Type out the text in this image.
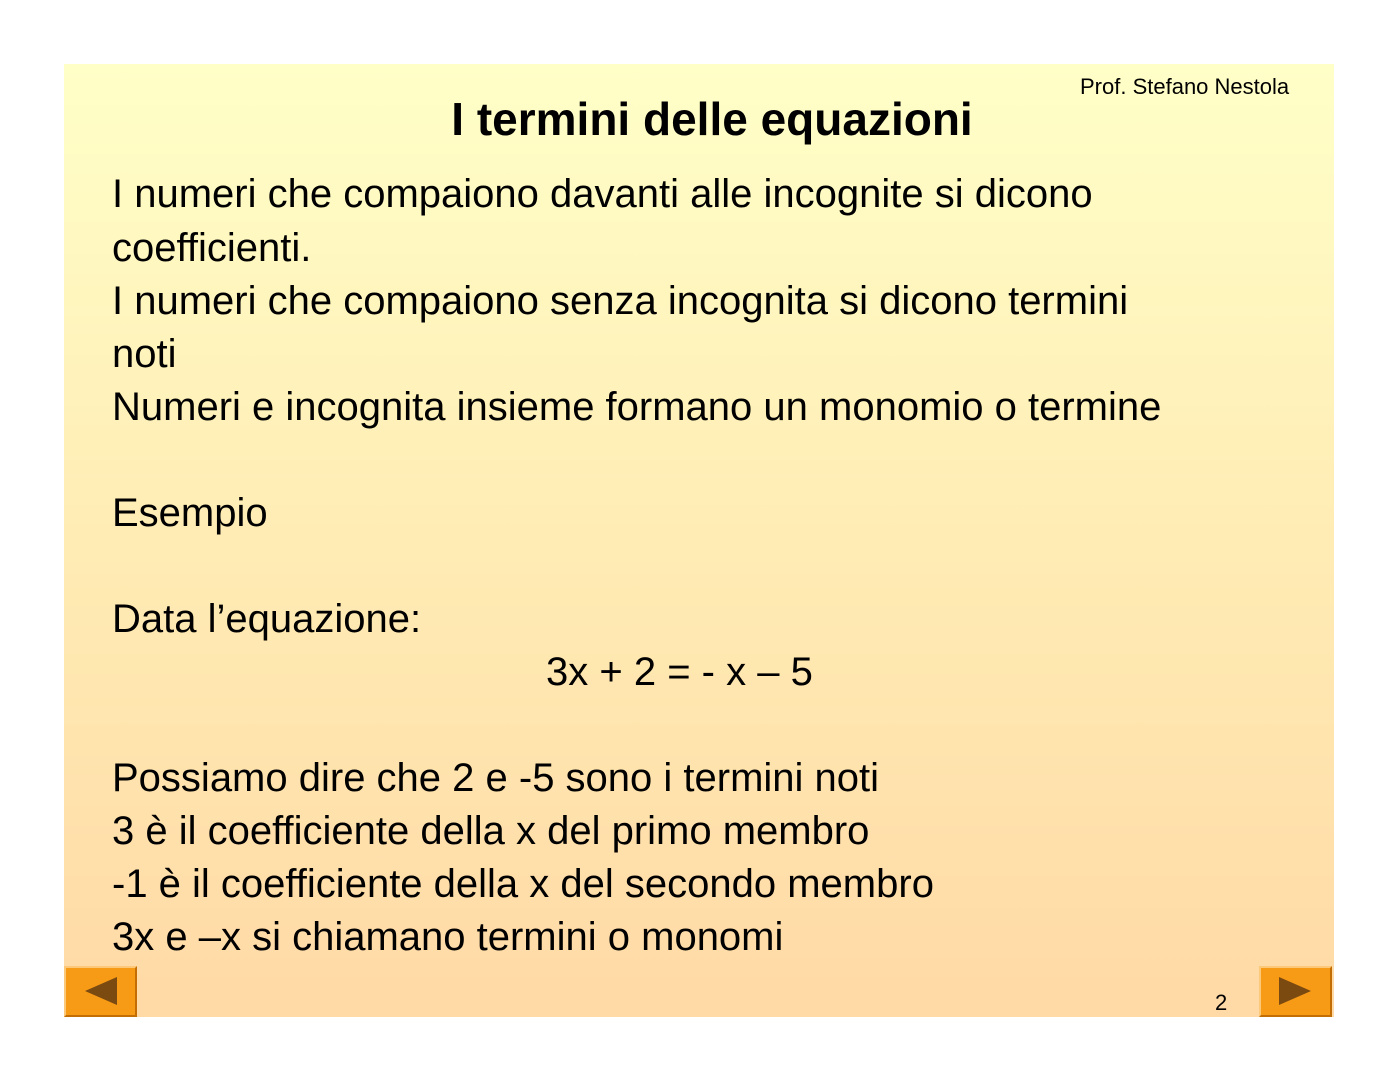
Prof. Stefano Nestola
I termini delle equazioni
I numeri che compaiono davanti alle incognite si dicono
coefficienti.
I numeri che compaiono senza incognita si dicono termini
noti
Numeri e incognita insieme formano un monomio o termine
Esempio
Data l’equazione:
3x + 2 = - x – 5
Possiamo dire che 2 e -5 sono i termini noti
3 è il coefficiente della x del primo membro
-1 è il coefficiente della x del secondo membro
3x e –x si chiamano termini o monomi
2
